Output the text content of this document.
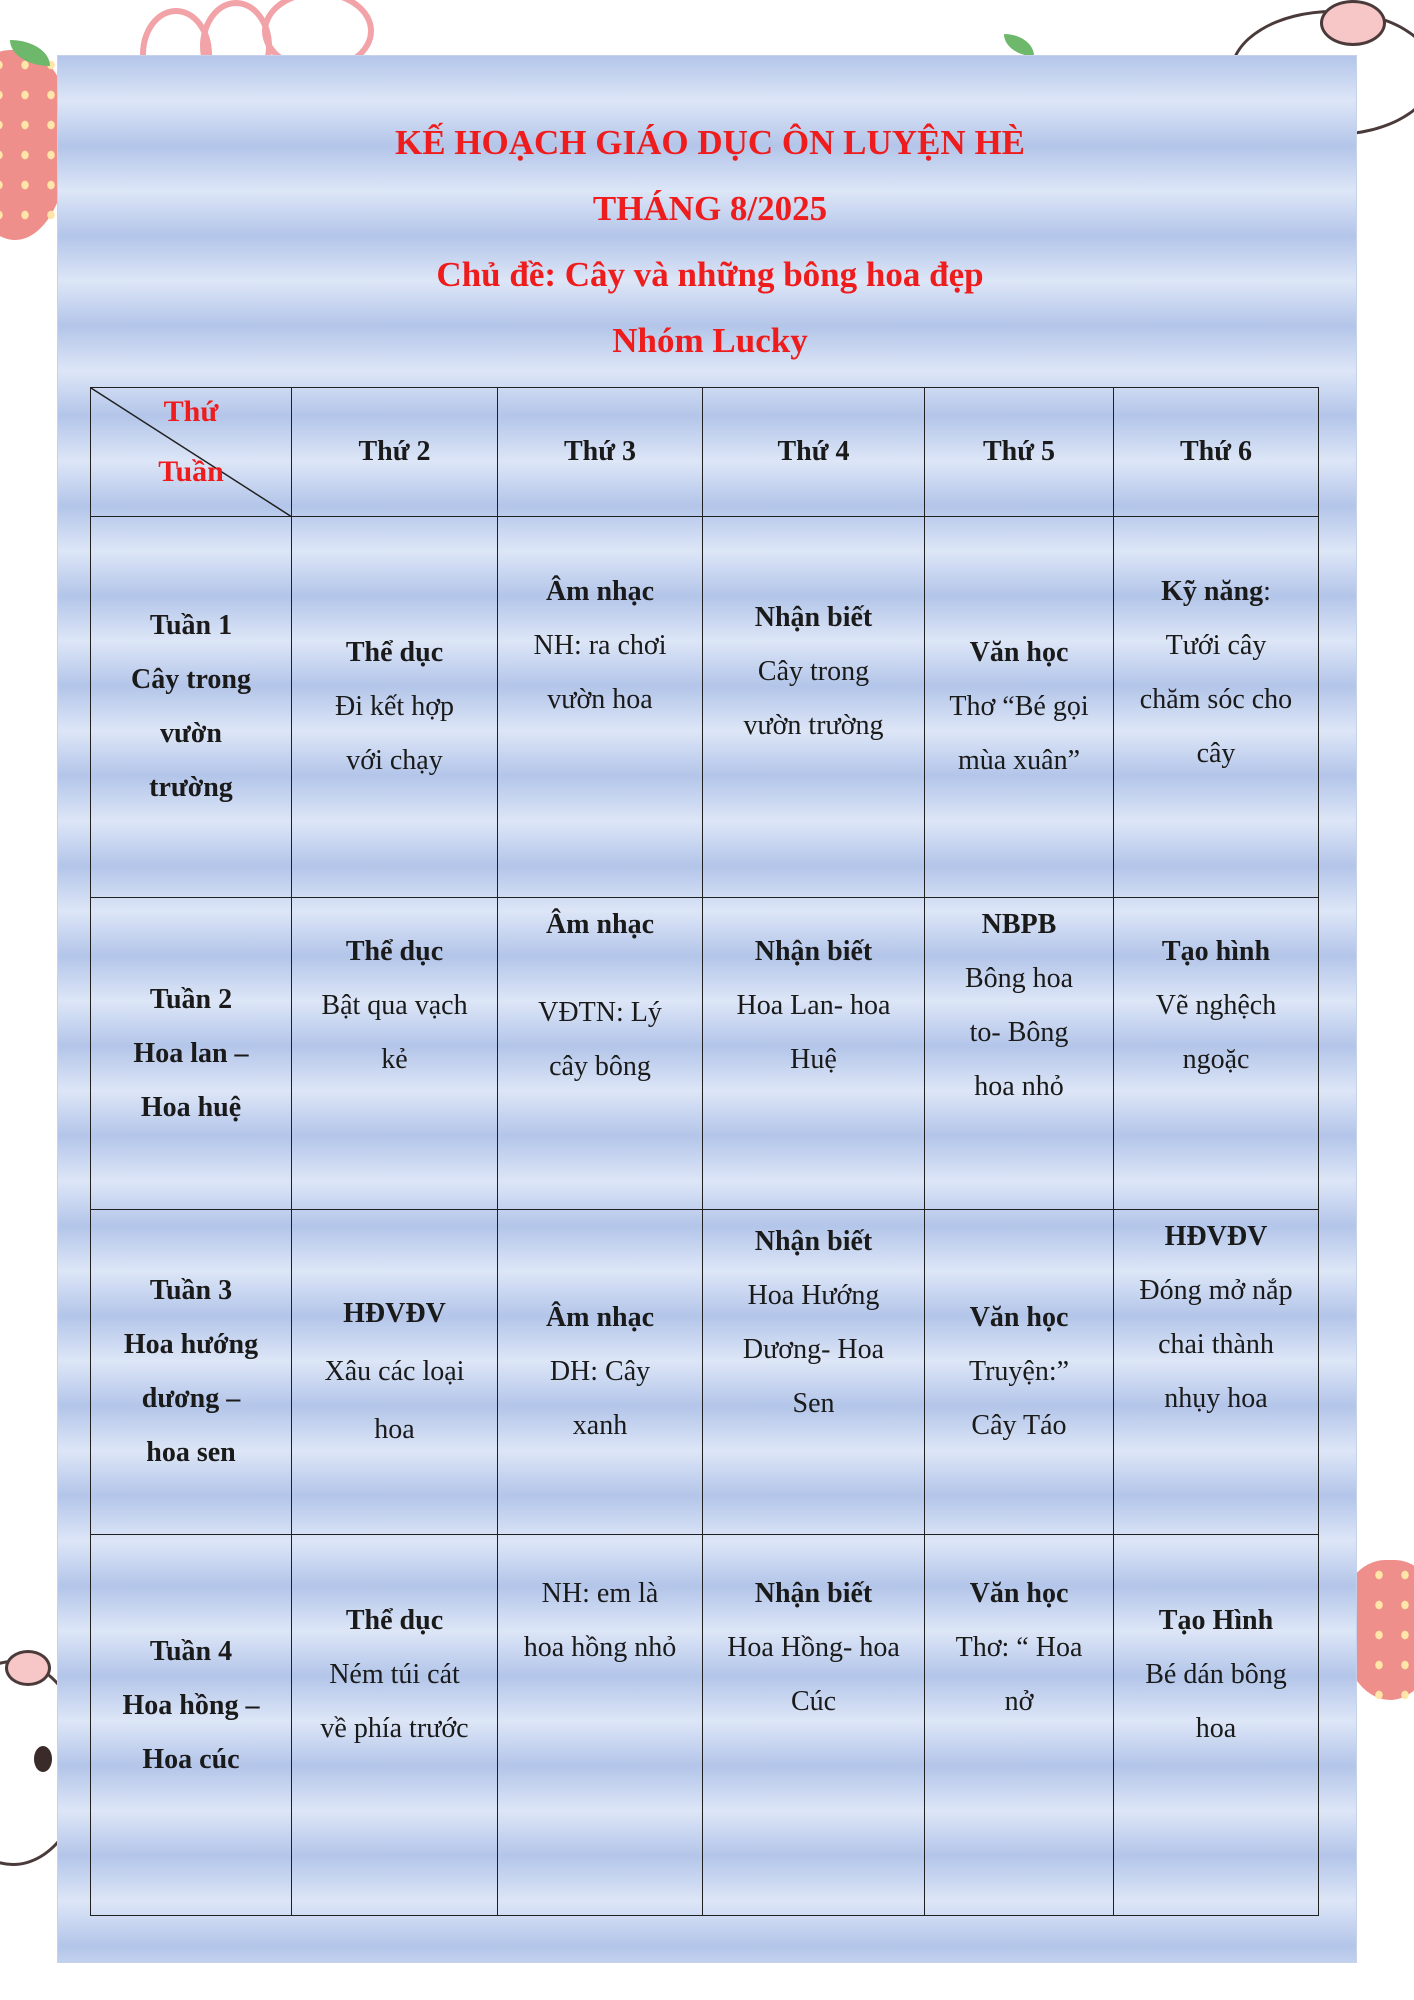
KẾ HOẠCH GIÁO DỤC ÔN LUYỆN HÈ
THÁNG 8/2025
Chủ đề: Cây và những bông hoa đẹp
Nhóm Lucky
Thứ
Tuần	Thứ 2	Thứ 3	Thứ 4	Thứ 5	Thứ 6

Tuần 1
Cây trong
vườn
trường	Thể dục
Đi kết hợp
với chạy	Âm nhạc
NH: ra chơi
vườn hoa	Nhận biết
Cây trong
vườn trường	Văn học
Thơ “Bé gọi
mùa xuân”	Kỹ năng:
Tưới cây
chăm sóc cho
cây

Tuần 2
Hoa lan –
Hoa huệ	Thể dục
Bật qua vạch
kẻ	Âm nhạc
VĐTN: Lý
cây bông	Nhận biết
Hoa Lan- hoa
Huệ	NBPB
Bông hoa
to- Bông
hoa nhỏ	Tạo hình
Vẽ nghệch
ngoặc

Tuần 3
Hoa hướng
dương –
hoa sen	HĐVĐV
Xâu các loại
hoa	Âm nhạc
DH: Cây
xanh	Nhận biết
Hoa Hướng
Dương- Hoa
Sen	Văn học
Truyện:”
Cây Táo	HĐVĐV
Đóng mở nắp
chai thành
nhụy hoa

Tuần 4
Hoa hồng –
Hoa cúc	Thể dục
Ném túi cát
về phía trước	NH: em là
hoa hồng nhỏ	Nhận biết
Hoa Hồng- hoa
Cúc	Văn học
Thơ: “ Hoa
nở	Tạo Hình
Bé dán bông
hoa
